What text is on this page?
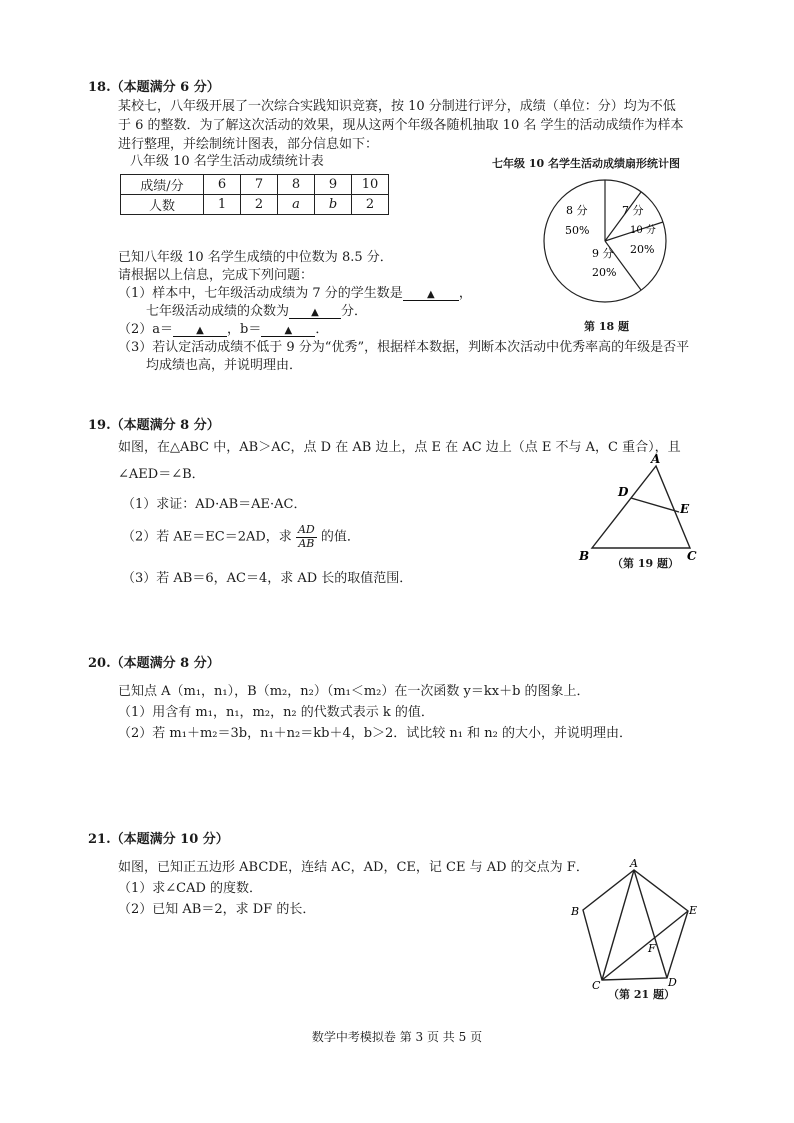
18.（本题满分 6 分）
某校七，八年级开展了一次综合实践知识竞赛，按 10 分制进行评分，成绩（单位：分）均为不低
于 6 的整数．为了解这次活动的效果，现从这两个年级各随机抽取 10 名 学生的活动成绩作为样本
进行整理，并绘制统计图表，部分信息如下：
八年级 10 名学生活动成绩统计表
成绩/分	6	7	8	9	10
人数	1	2	a	b	2
七年级 10 名学生活动成绩扇形统计图
8 分
50%
7 分
10 分
20%
9 分
20%
第 18 题
已知八年级 10 名学生成绩的中位数为 8.5 分．
请根据以上信息，完成下列问题：
（1）样本中，七年级活动成绩为 7 分的学生数是 ▲ ，
七年级活动成绩的众数为 ▲ 分．
（2）a＝ ▲ ，b＝ ▲ ．
（3）若认定活动成绩不低于 9 分为“优秀”，根据样本数据，判断本次活动中优秀率高的年级是否平
均成绩也高，并说明理由．
19.（本题满分 8 分）
如图，在△ABC 中，AB＞AC，点 D 在 AB 边上，点 E 在 AC 边上（点 E 不与 A，C 重合），且
∠AED＝∠B．
（1）求证：AD·AB＝AE·AC．
（2）若 AE＝EC＝2AD，求 $\frac{AD}{AB}$ 的值．
（3）若 AB＝6，AC＝4，求 AD 长的取值范围．
A
B	C
D
E
（第 19 题）
20.（本题满分 8 分）
已知点 A（m₁，n₁），B（m₂，n₂）（m₁＜m₂）在一次函数 y＝kx＋b 的图象上．
（1）用含有 m₁，n₁，m₂，n₂ 的代数式表示 k 的值．
（2）若 m₁＋m₂＝3b，n₁＋n₂＝kb＋4，b＞2．试比较 n₁ 和 n₂ 的大小，并说明理由．
21.（本题满分 10 分）
如图，已知正五边形 ABCDE，连结 AC，AD，CE，记 CE 与 AD 的交点为 F．
（1）求∠CAD 的度数．
（2）已知 AB＝2，求 DF 的长．
A
B
C	D
E
F
（第 21 题）
数学中考模拟卷 第 3 页 共 5 页
